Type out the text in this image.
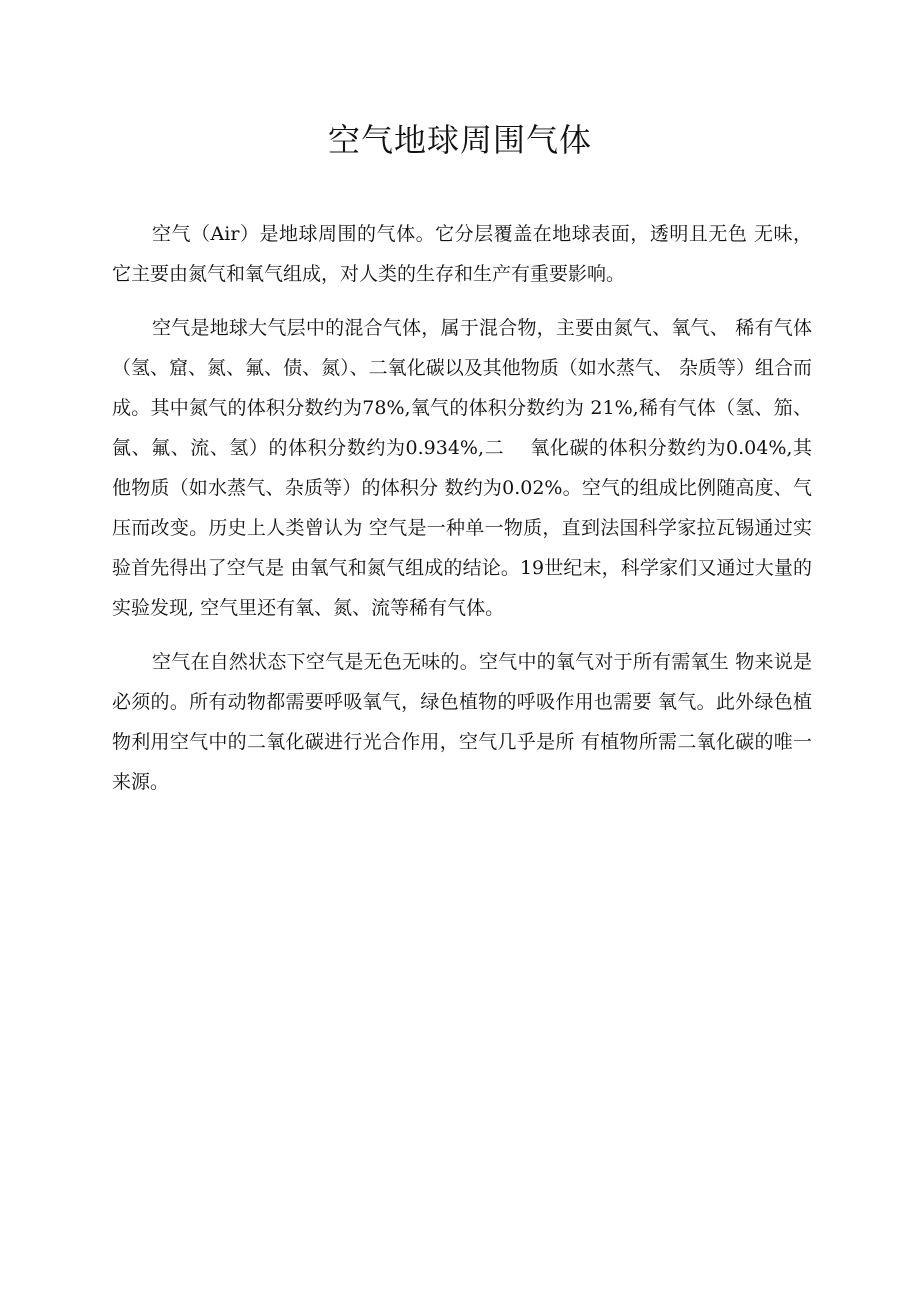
空气地球周围气体

空气（Air）是地球周围的气体。它分层覆盖在地球表面，透明且无色 无味，它主要由氮气和氧气组成，对人类的生存和生产有重要影响。

空气是地球大气层中的混合气体，属于混合物，主要由氮气、氧气、 稀有气体（氢、窟、氮、氟、债、氮）、二氧化碳以及其他物质（如水蒸气、 杂质等）组合而成。其中氮气的体积分数约为78%,氧气的体积分数约为 21%,稀有气体（氢、笳、氤、氟、流、氢）的体积分数约为0.934%,二　 氧化碳的体积分数约为0.04%,其他物质（如水蒸气、杂质等）的体积分 数约为0.02%。空气的组成比例随高度、气压而改变。历史上人类曾认为 空气是一种单一物质，直到法国科学家拉瓦锡通过实验首先得出了空气是 由氧气和氮气组成的结论。19世纪末，科学家们又通过大量的实验发现, 空气里还有氧、氮、流等稀有气体。

空气在自然状态下空气是无色无味的。空气中的氧气对于所有需氧生 物来说是必须的。所有动物都需要呼吸氧气，绿色植物的呼吸作用也需要 氧气。此外绿色植物利用空气中的二氧化碳进行光合作用，空气几乎是所 有植物所需二氧化碳的唯一来源。
